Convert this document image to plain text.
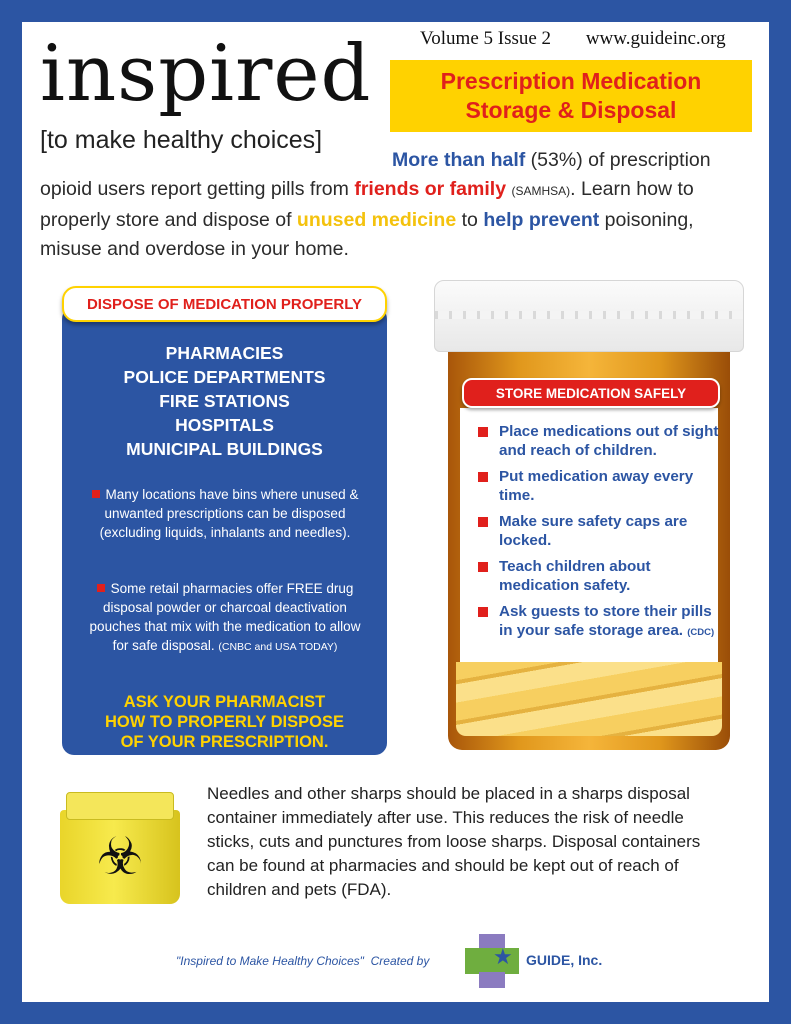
inspired
[to make healthy choices]
Volume 5 Issue 2 www.guideinc.org
Prescription Medication
Storage & Disposal
More than half (53%) of prescription opioid users report getting pills from friends or family (SAMHSA). Learn how to properly store and dispose of unused medicine to help prevent poisoning, misuse and overdose in your home.
PHARMACIES
POLICE DEPARTMENTS
FIRE STATIONS
HOSPITALS
MUNICIPAL BUILDINGS
Many locations have bins where unused & unwanted prescriptions can be disposed (excluding liquids, inhalants and needles).
Some retail pharmacies offer FREE drug disposal powder or charcoal deactivation pouches that mix with the medication to allow for safe disposal. (CNBC and USA TODAY)
ASK YOUR PHARMACIST
HOW TO PROPERLY DISPOSE
OF YOUR PRESCRIPTION.
DISPOSE OF MEDICATION PROPERLY
STORE MEDICATION SAFELY
Place medications out of sight and reach of children.
Put medication away every time.
Make sure safety caps are locked.
Teach children about medication safety.
Ask guests to store their pills in your safe storage area. (CDC)
☣
Needles and other sharps should be placed in a sharps disposal container immediately after use. This reduces the risk of needle sticks, cuts and punctures from loose sharps. Disposal containers can be found at pharmacies and should be kept out of reach of children and pets (FDA).
"Inspired to Make Healthy Choices" Created by	★ GUIDE, Inc.
